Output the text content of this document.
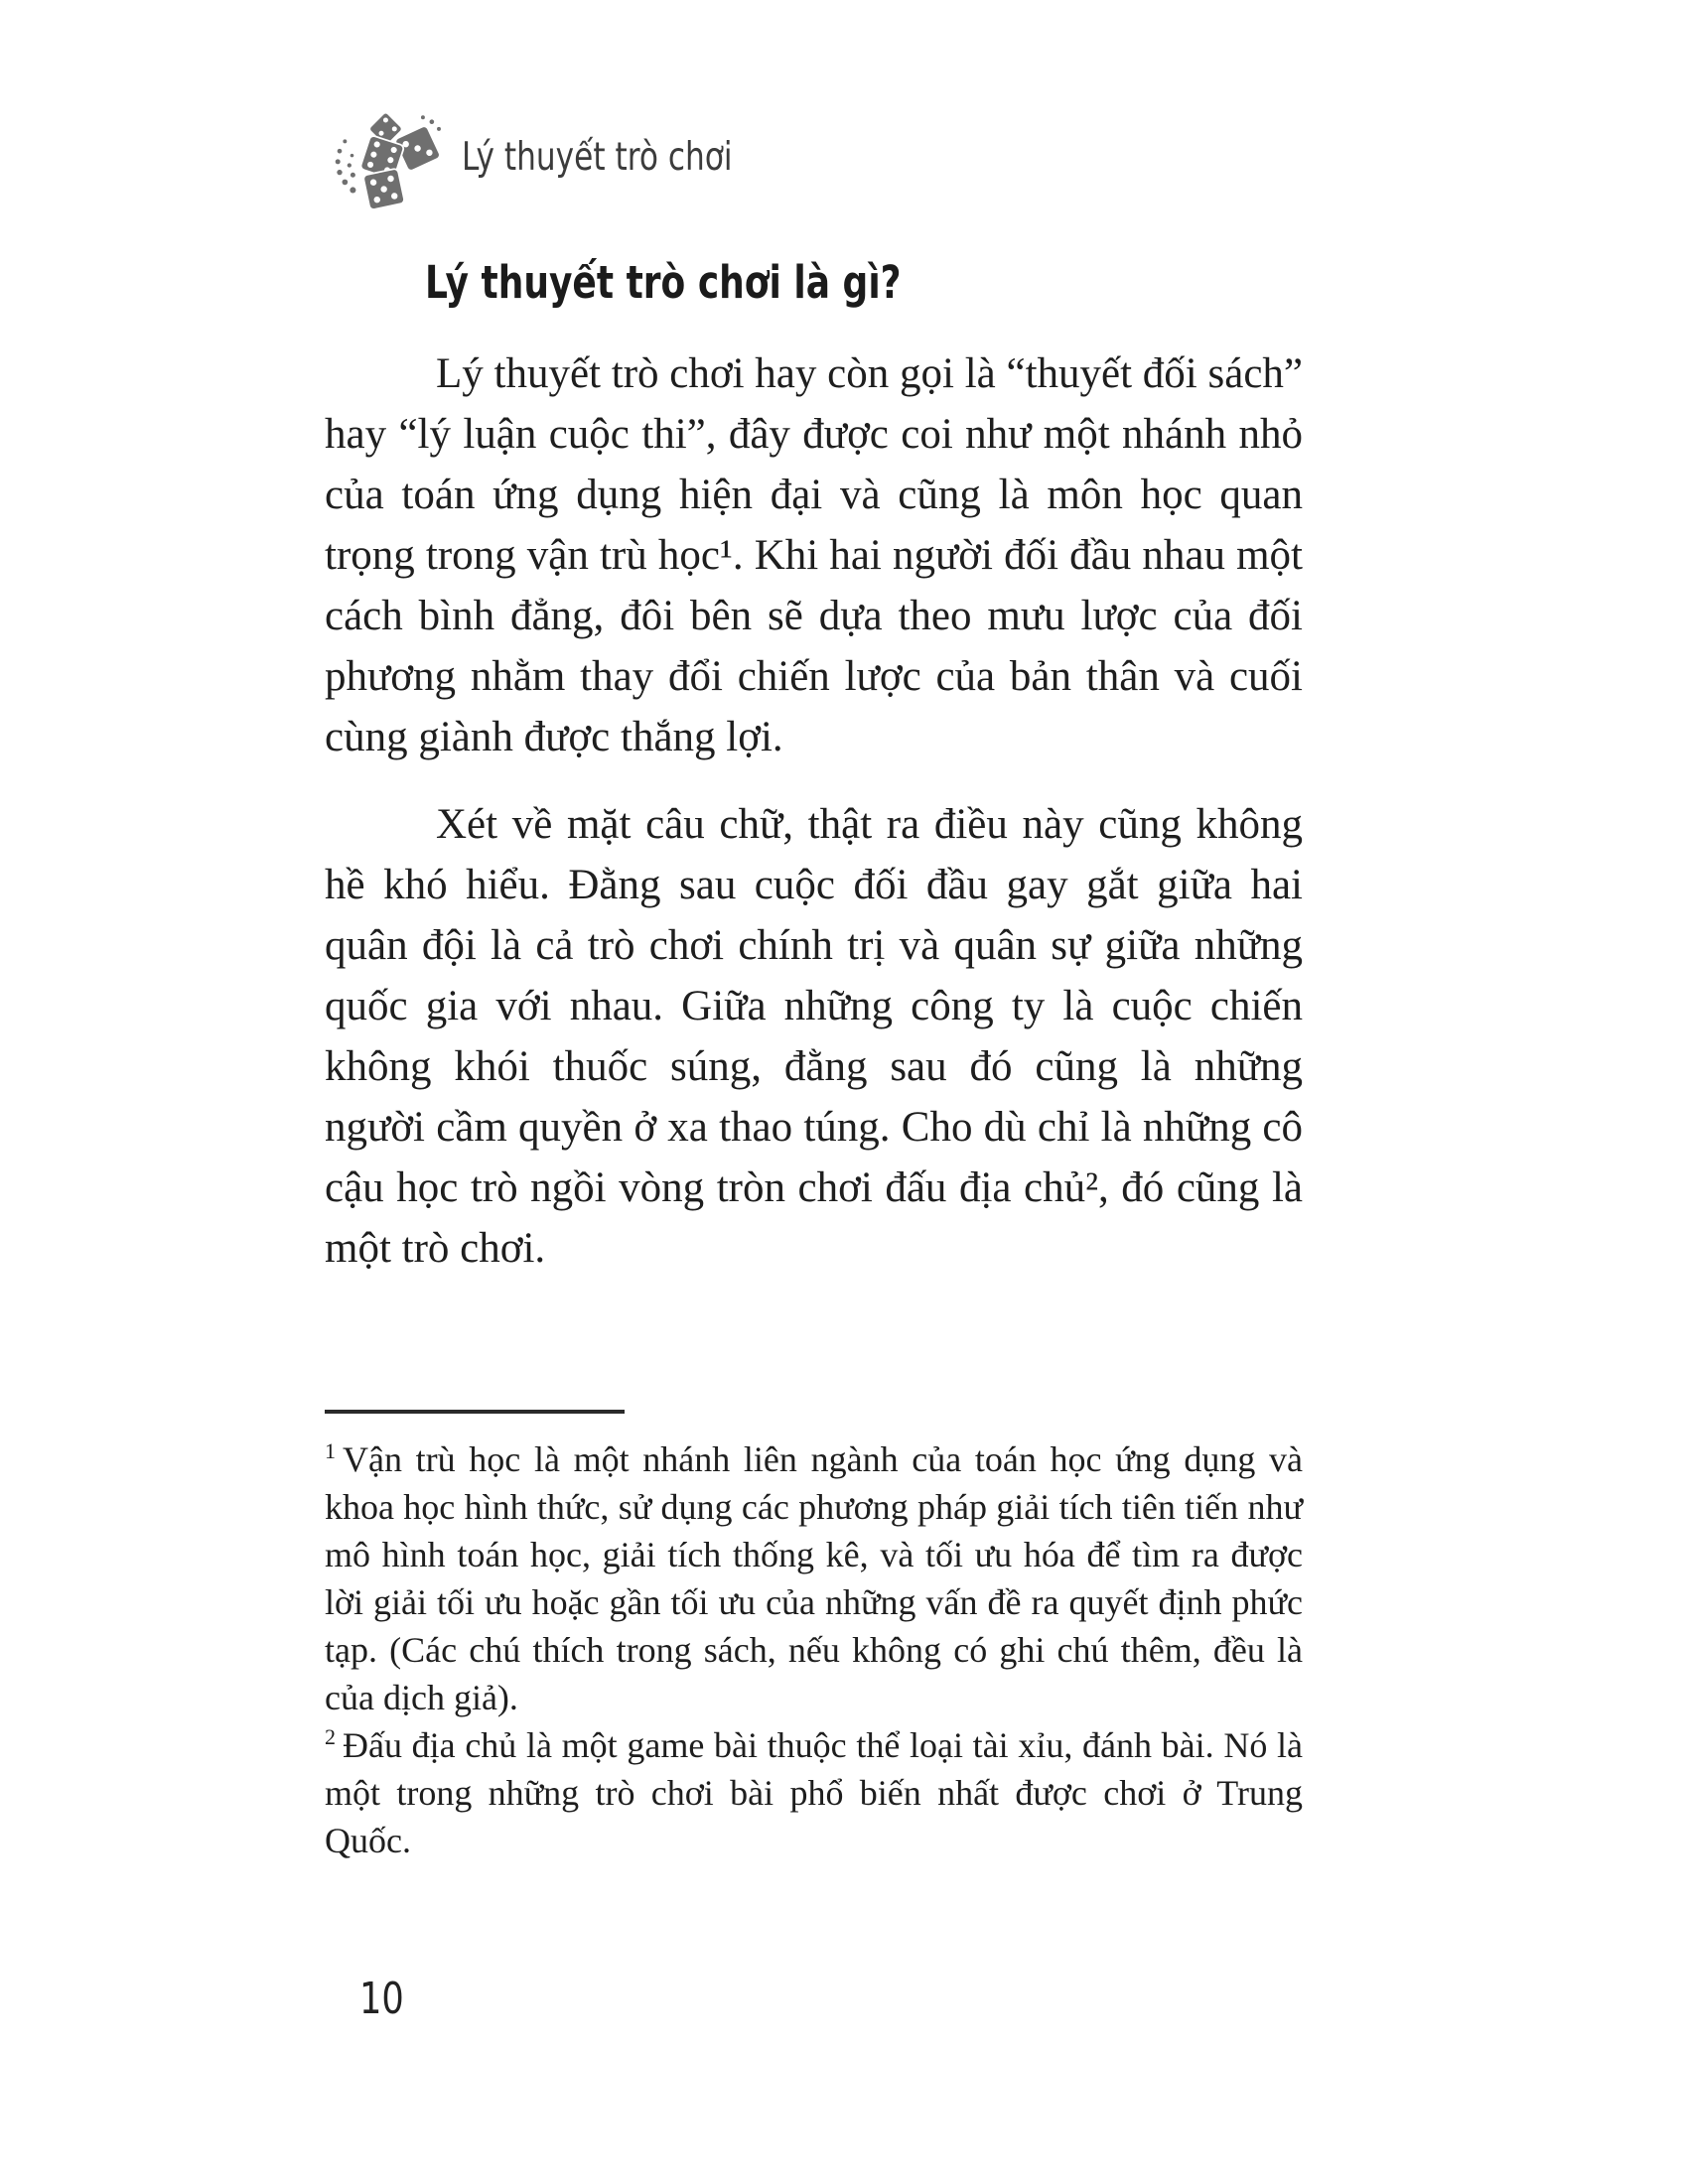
Lý thuyết trò chơi
Lý thuyết trò chơi là gì?

Lý thuyết trò chơi hay còn gọi là “thuyết đối sách” hay “lý luận cuộc thi”, đây được coi như một nhánh nhỏ của toán ứng dụng hiện đại và cũng là môn học quan trọng trong vận trù học¹. Khi hai người đối đầu nhau một cách bình đẳng, đôi bên sẽ dựa theo mưu lược của đối phương nhằm thay đổi chiến lược của bản thân và cuối cùng giành được thắng lợi.

Xét về mặt câu chữ, thật ra điều này cũng không hề khó hiểu. Đằng sau cuộc đối đầu gay gắt giữa hai quân đội là cả trò chơi chính trị và quân sự giữa những quốc gia với nhau. Giữa những công ty là cuộc chiến không khói thuốc súng, đằng sau đó cũng là những người cầm quyền ở xa thao túng. Cho dù chỉ là những cô cậu học trò ngồi vòng tròn chơi đấu địa chủ², đó cũng là một trò chơi.

$^1$ Vận trù học là một nhánh liên ngành của toán học ứng dụng và khoa học hình thức, sử dụng các phương pháp giải tích tiên tiến như mô hình toán học, giải tích thống kê, và tối ưu hóa để tìm ra được lời giải tối ưu hoặc gần tối ưu của những vấn đề ra quyết định phức tạp. (Các chú thích trong sách, nếu không có ghi chú thêm, đều là của dịch giả).

$^2$ Đấu địa chủ là một game bài thuộc thể loại tài xỉu, đánh bài. Nó là một trong những trò chơi bài phổ biến nhất được chơi ở Trung Quốc.

10
